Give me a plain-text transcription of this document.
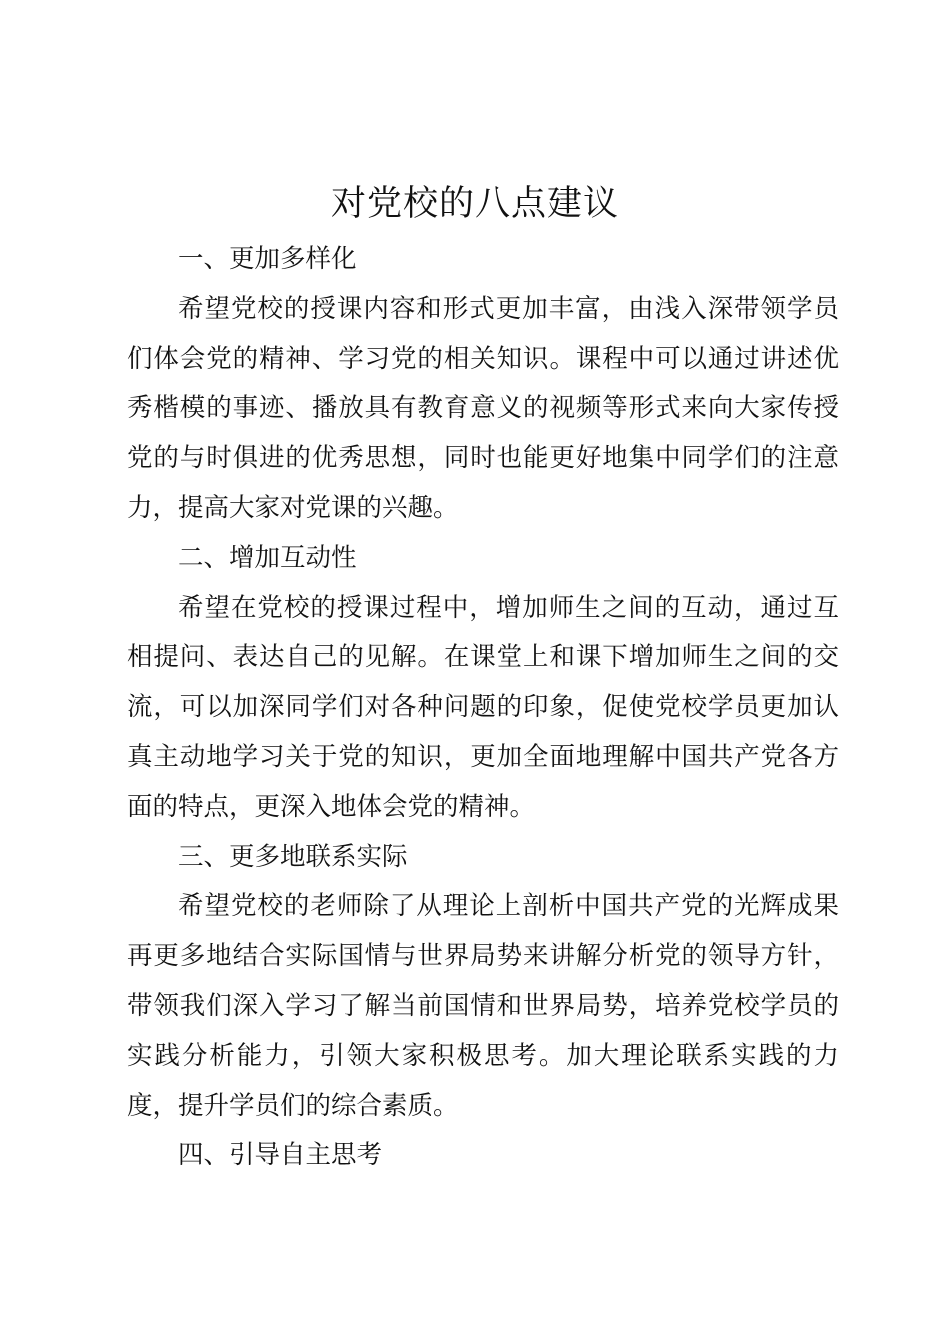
对党校的八点建议

一、更加多样化

希望党校的授课内容和形式更加丰富，由浅入深带领学员们体会党的精神、学习党的相关知识。课程中可以通过讲述优秀楷模的事迹、播放具有教育意义的视频等形式来向大家传授党的与时俱进的优秀思想，同时也能更好地集中同学们的注意力，提高大家对党课的兴趣。

二、增加互动性

希望在党校的授课过程中，增加师生之间的互动，通过互相提问、表达自己的见解。在课堂上和课下增加师生之间的交流，可以加深同学们对各种问题的印象，促使党校学员更加认真主动地学习关于党的知识，更加全面地理解中国共产党各方面的特点，更深入地体会党的精神。

三、更多地联系实际

希望党校的老师除了从理论上剖析中国共产党的光辉成果再更多地结合实际国情与世界局势来讲解分析党的领导方针，带领我们深入学习了解当前国情和世界局势，培养党校学员的实践分析能力，引领大家积极思考。加大理论联系实践的力度，提升学员们的综合素质。

四、引导自主思考
